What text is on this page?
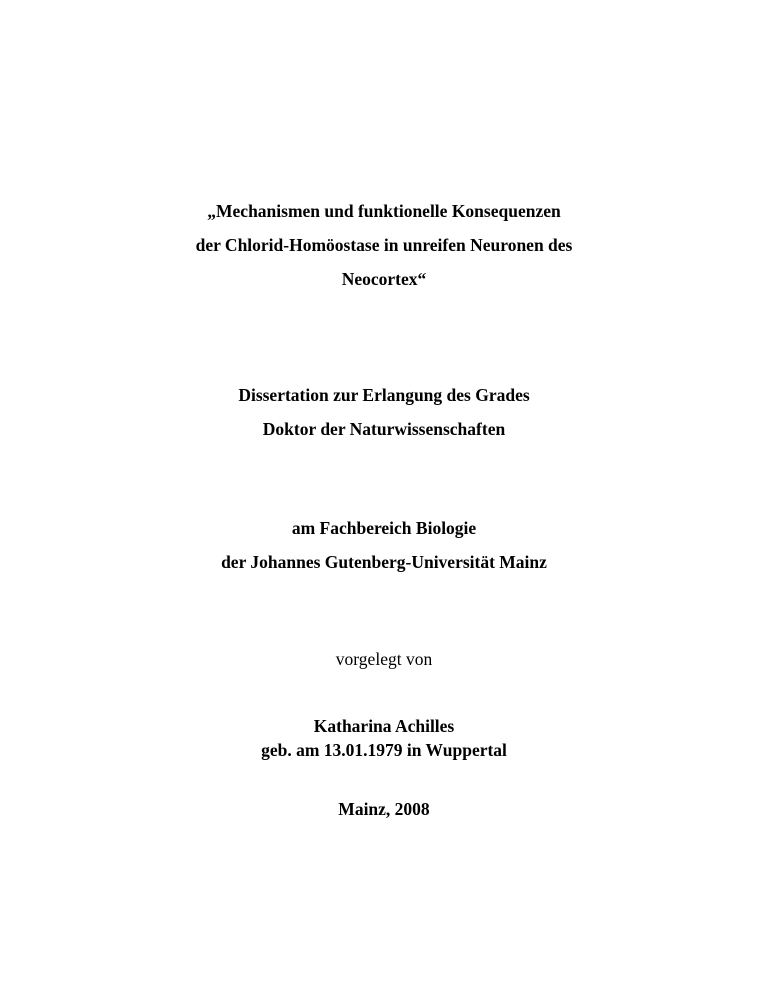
„Mechanismen und funktionelle Konsequenzen
der Chlorid-Homöostase in unreifen Neuronen des
Neocortex“
Dissertation zur Erlangung des Grades
Doktor der Naturwissenschaften
am Fachbereich Biologie
der Johannes Gutenberg-Universität Mainz
vorgelegt von
Katharina Achilles
geb. am 13.01.1979 in Wuppertal
Mainz, 2008
